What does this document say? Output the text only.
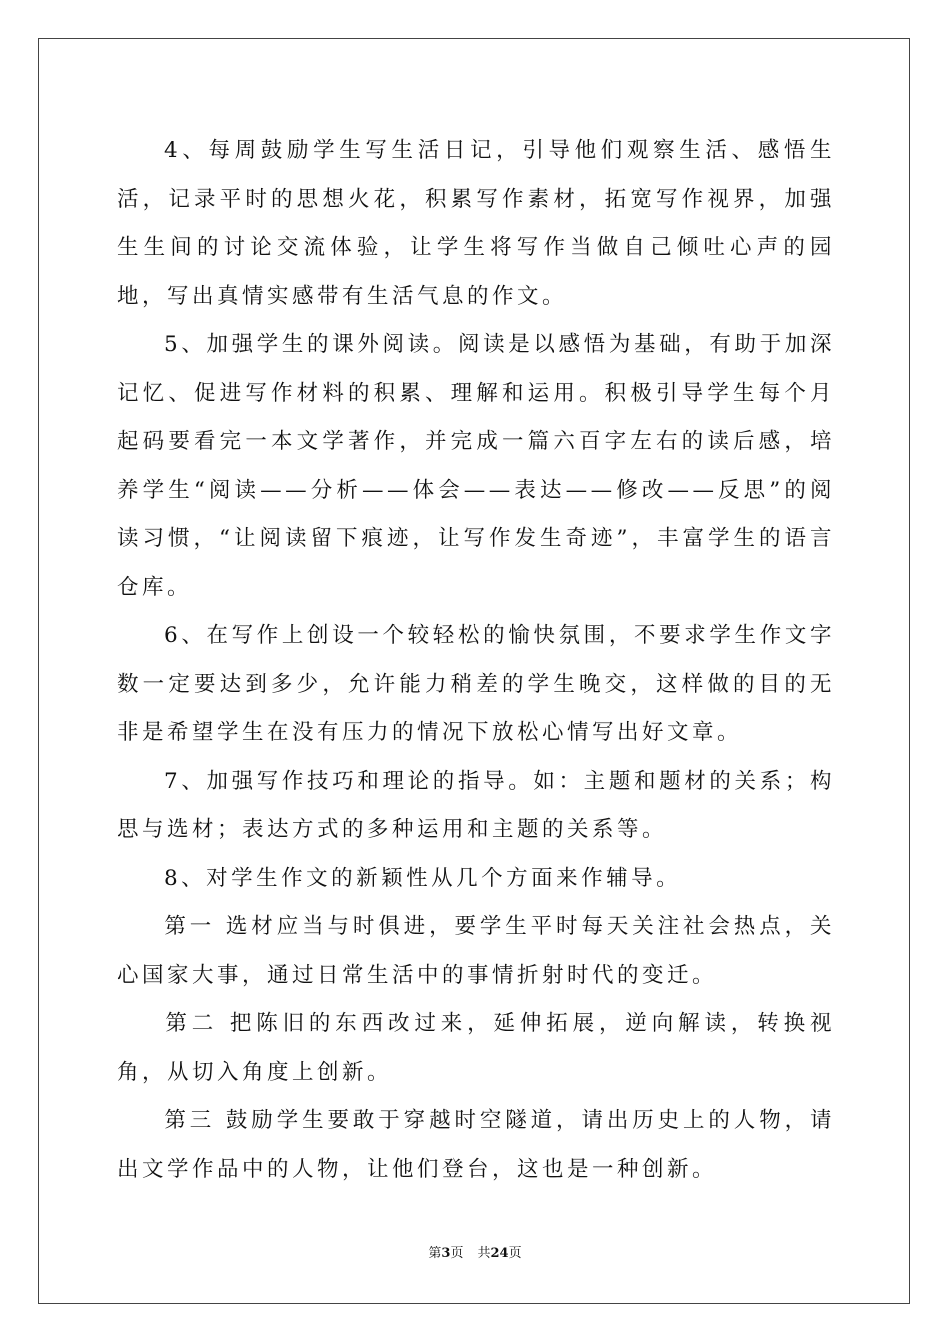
4、每周鼓励学生写生活日记，引导他们观察生活、感悟生活，记录平时的思想火花，积累写作素材，拓宽写作视界，加强生生间的讨论交流体验，让学生将写作当做自己倾吐心声的园地，写出真情实感带有生活气息的作文。

5、加强学生的课外阅读。阅读是以感悟为基础，有助于加深记忆、促进写作材料的积累、理解和运用。积极引导学生每个月起码要看完一本文学著作，并完成一篇六百字左右的读后感，培养学生“阅读——分析——体会——表达——修改——反思”的阅读习惯，“让阅读留下痕迹，让写作发生奇迹”，丰富学生的语言仓库。

6、在写作上创设一个较轻松的愉快氛围，不要求学生作文字数一定要达到多少，允许能力稍差的学生晚交，这样做的目的无非是希望学生在没有压力的情况下放松心情写出好文章。

7、加强写作技巧和理论的指导。如：主题和题材的关系；构思与选材；表达方式的多种运用和主题的关系等。

8、对学生作文的新颖性从几个方面来作辅导。

第一 选材应当与时俱进，要学生平时每天关注社会热点，关心国家大事，通过日常生活中的事情折射时代的变迁。

第二 把陈旧的东西改过来，延伸拓展，逆向解读，转换视角，从切入角度上创新。

第三 鼓励学生要敢于穿越时空隧道，请出历史上的人物，请出文学作品中的人物，让他们登台，这也是一种创新。

第3页 共24页
